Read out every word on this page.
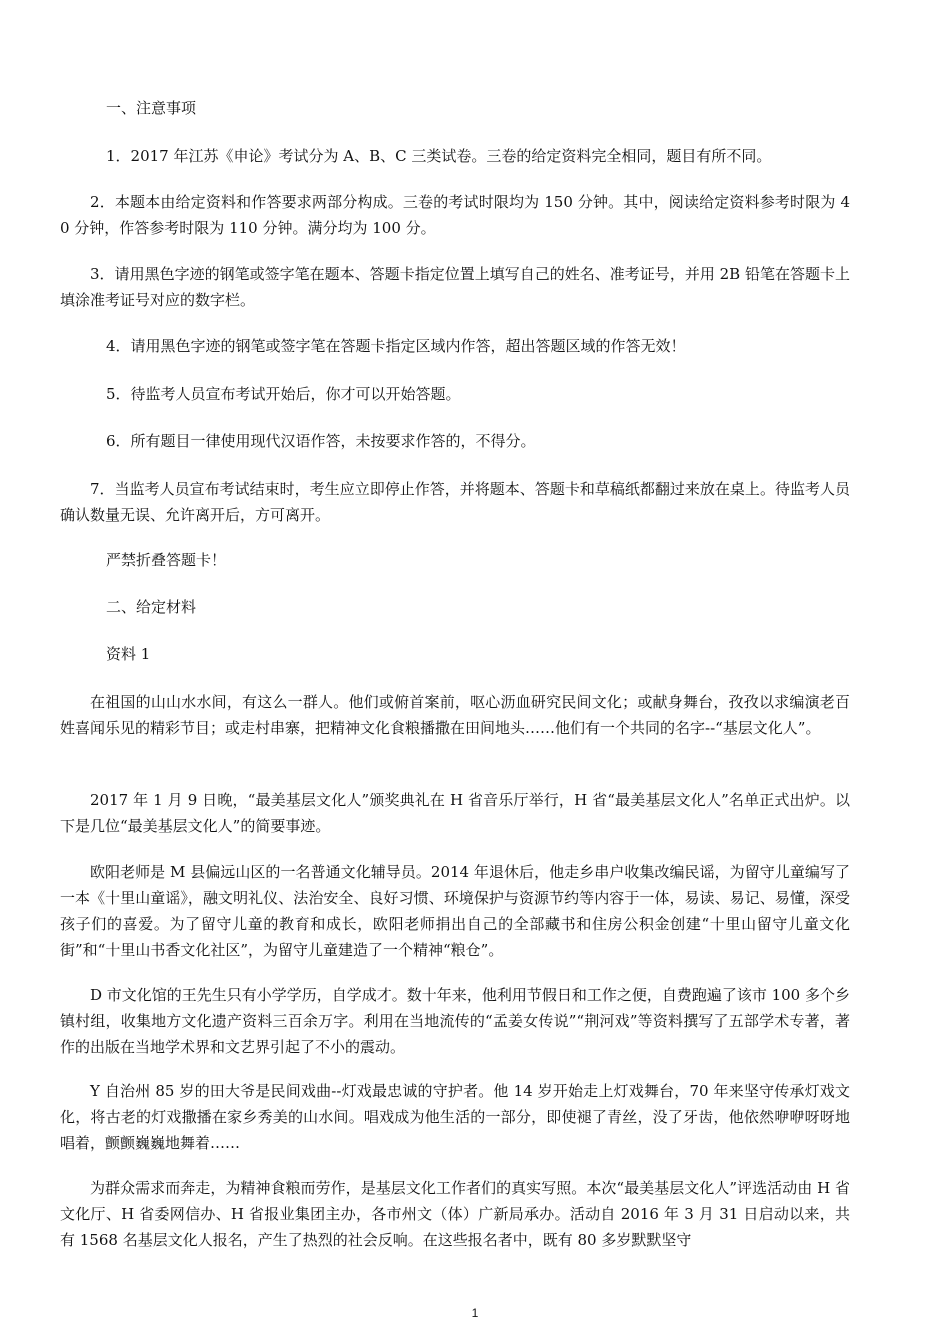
一、注意事项

1．2017 年江苏《申论》考试分为 A、B、C 三类试卷。三卷的给定资料完全相同，题目有所不同。

2．本题本由给定资料和作答要求两部分构成。三卷的考试时限均为 150 分钟。其中，阅读给定资料参考时限为 40 分钟，作答参考时限为 110 分钟。满分均为 100 分。

3．请用黑色字迹的钢笔或签字笔在题本、答题卡指定位置上填写自己的姓名、准考证号，并用 2B 铅笔在答题卡上填涂准考证号对应的数字栏。

4．请用黑色字迹的钢笔或签字笔在答题卡指定区域内作答，超出答题区域的作答无效！

5．待监考人员宣布考试开始后，你才可以开始答题。

6．所有题目一律使用现代汉语作答，未按要求作答的，不得分。

7．当监考人员宣布考试结束时，考生应立即停止作答，并将题本、答题卡和草稿纸都翻过来放在桌上。待监考人员确认数量无误、允许离开后，方可离开。

严禁折叠答题卡！

二、给定材料

资料 1

在祖国的山山水水间，有这么一群人。他们或俯首案前，呕心沥血研究民间文化；或献身舞台，孜孜以求编演老百姓喜闻乐见的精彩节目；或走村串寨，把精神文化食粮播撒在田间地头……他们有一个共同的名字--“基层文化人”。

2017 年 1 月 9 日晚，“最美基层文化人”颁奖典礼在 H 省音乐厅举行，H 省“最美基层文化人”名单正式出炉。以下是几位“最美基层文化人”的简要事迹。

欧阳老师是 M 县偏远山区的一名普通文化辅导员。2014 年退休后，他走乡串户收集改编民谣，为留守儿童编写了一本《十里山童谣》，融文明礼仪、法治安全、良好习惯、环境保护与资源节约等内容于一体，易读、易记、易懂，深受孩子们的喜爱。为了留守儿童的教育和成长，欧阳老师捐出自己的全部藏书和住房公积金创建“十里山留守儿童文化街”和“十里山书香文化社区”，为留守儿童建造了一个精神“粮仓”。

D 市文化馆的王先生只有小学学历，自学成才。数十年来，他利用节假日和工作之便，自费跑遍了该市 100 多个乡镇村组，收集地方文化遗产资料三百余万字。利用在当地流传的“孟姜女传说”“荆河戏”等资料撰写了五部学术专著，著作的出版在当地学术界和文艺界引起了不小的震动。

Y 自治州 85 岁的田大爷是民间戏曲--灯戏最忠诚的守护者。他 14 岁开始走上灯戏舞台，70 年来坚守传承灯戏文化，将古老的灯戏撒播在家乡秀美的山水间。唱戏成为他生活的一部分，即使褪了青丝，没了牙齿，他依然咿咿呀呀地唱着，颤颤巍巍地舞着……

为群众需求而奔走，为精神食粮而劳作，是基层文化工作者们的真实写照。本次“最美基层文化人”评选活动由 H 省文化厅、H 省委网信办、H 省报业集团主办，各市州文（体）广新局承办。活动自 2016 年 3 月 31 日启动以来，共有 1568 名基层文化人报名，产生了热烈的社会反响。在这些报名者中，既有 80 多岁默默坚守

1
